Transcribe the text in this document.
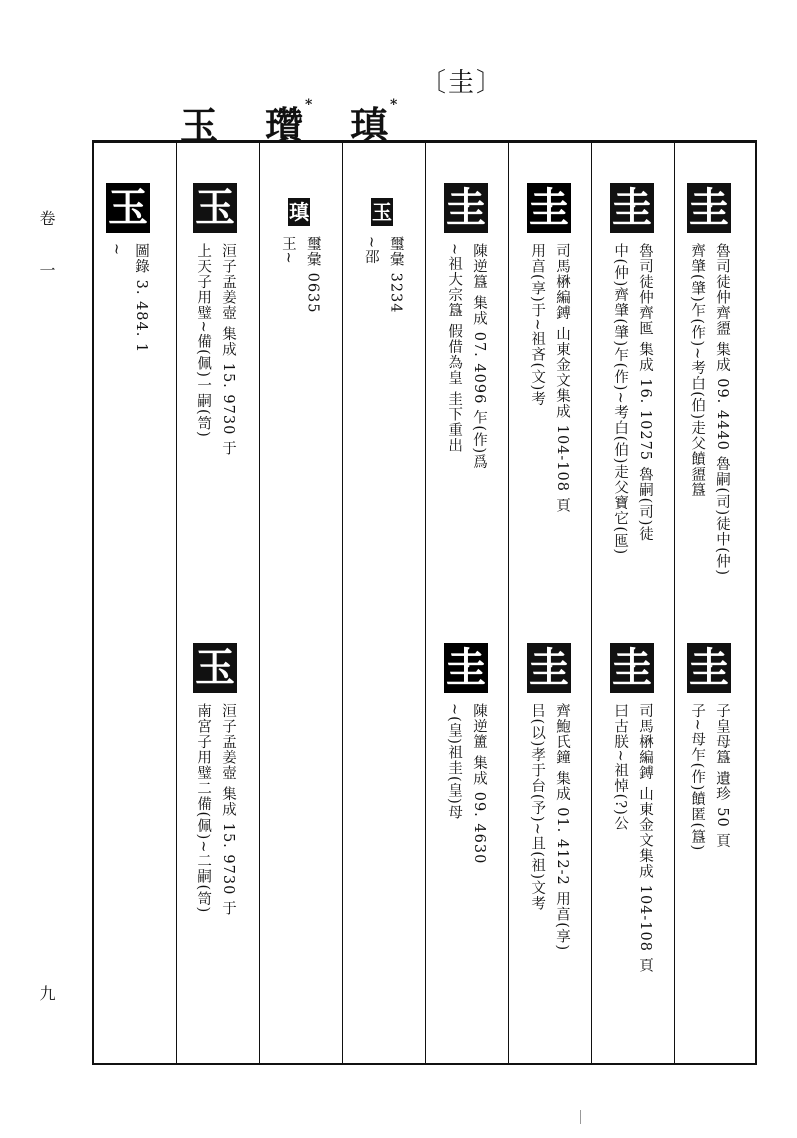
〔圭〕
玉 瓚 * 瑱 *
卷
一
九
圭
魯司徒仲齊盨 集成 09. 4440 魯嗣(司)徒中(仲)
齊肇(肇)乍(作)~考白(伯)走父饙盨簋
圭
子皇母簋 遺珍 50 頁
子~母乍(作)饙匿(簋)
圭
魯司徒仲齊匜 集成 16. 10275 魯嗣(司)徒
中(仲)齊肇(肇)乍(作)~考白(伯)走父寶它(匜)
圭
司馬楙編鎛 山東金文集成 104-108 頁
曰古朕~祖悼(?)公
圭
司馬楙編鎛 山東金文集成 104-108 頁
用亯(享)于~祖吝(文)考
圭
齊鮑氏鐘 集成 01. 412-2 用亯(享)
㠯(以)孝于台(予)~且(祖)文考
圭
陳逆簋 集成 07. 4096 乍(作)爲
~祖大宗簋 假借為皇 圭下重出
圭
陳逆簠 集成 09. 4630
~(皇)祖圭(皇)母
玉
璽彙 3234
~邵
瑱
璽彙 0635
王~
玉
洹子孟姜壺 集成 15. 9730 于
上天子用璧~備(佩)一嗣(笥)
玉
洹子孟姜壺 集成 15. 9730 于
南宮子用璧二備(佩)~二嗣(笥)
玉
圖錄 3. 484. 1
~
